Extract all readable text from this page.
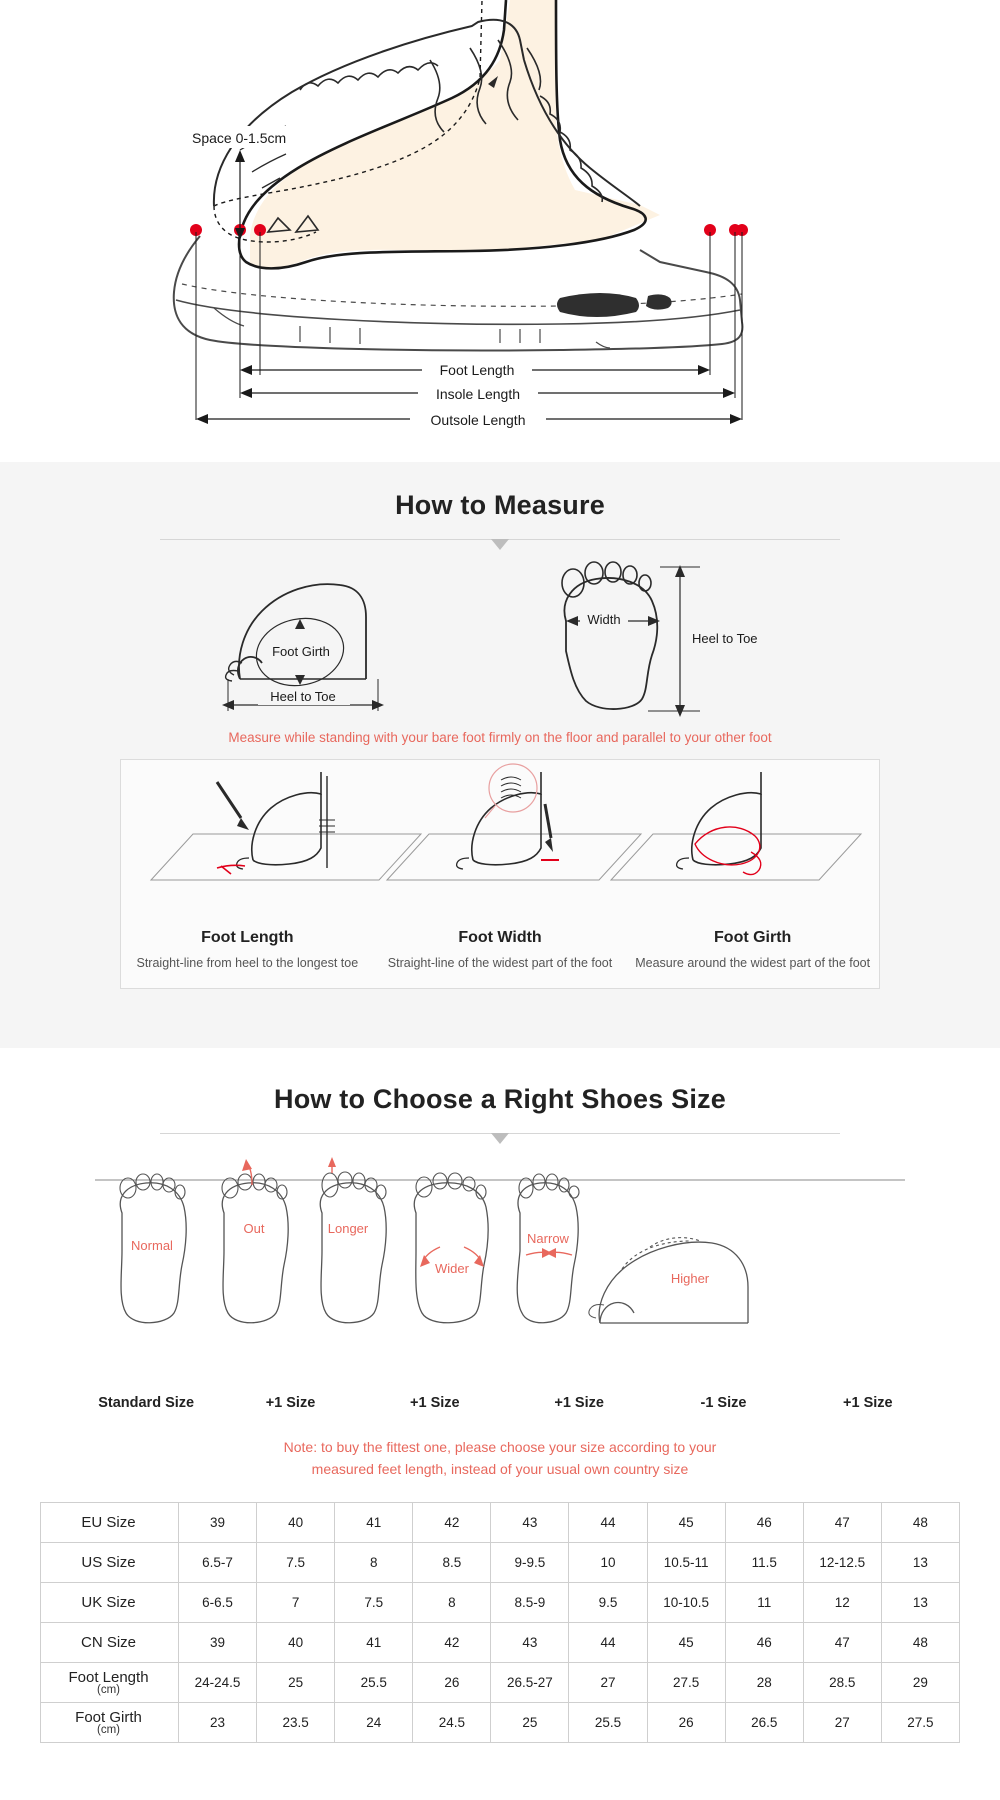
Space 0-1.5cm
Foot Length
Insole Length
Outsole Length
How to Measure
Foot Girth
Heel to Toe
Width
Heel to Toe
Measure while standing with your bare foot firmly on the floor and parallel to your other foot
Foot Length
Straight-line from heel to the longest toe
Foot Width
Straight-line of the widest part of the foot
Foot Girth
Measure around the widest part of the foot
How to Choose a Right Shoes Size
Normal
Out	Longer
Wider
Narrow
Higher
Standard Size	+1 Size	+1 Size	+1 Size	-1 Size	+1 Size
Note: to buy the fittest one, please choose your size according to your
measured feet length, instead of your usual own country size
EU Size	39	40	41	42	43	44	45	46	47	48
US Size	6.5-7	7.5	8	8.5	9-9.5	10	10.5-11	11.5	12-12.5	13
UK Size	6-6.5	7	7.5	8	8.5-9	9.5	10-10.5	11	12	13
CN Size	39	40	41	42	43	44	45	46	47	48
Foot Length
(cm)	24-24.5	25	25.5	26	26.5-27	27	27.5	28	28.5	29
Foot Girth
(cm)	23	23.5	24	24.5	25	25.5	26	26.5	27	27.5
